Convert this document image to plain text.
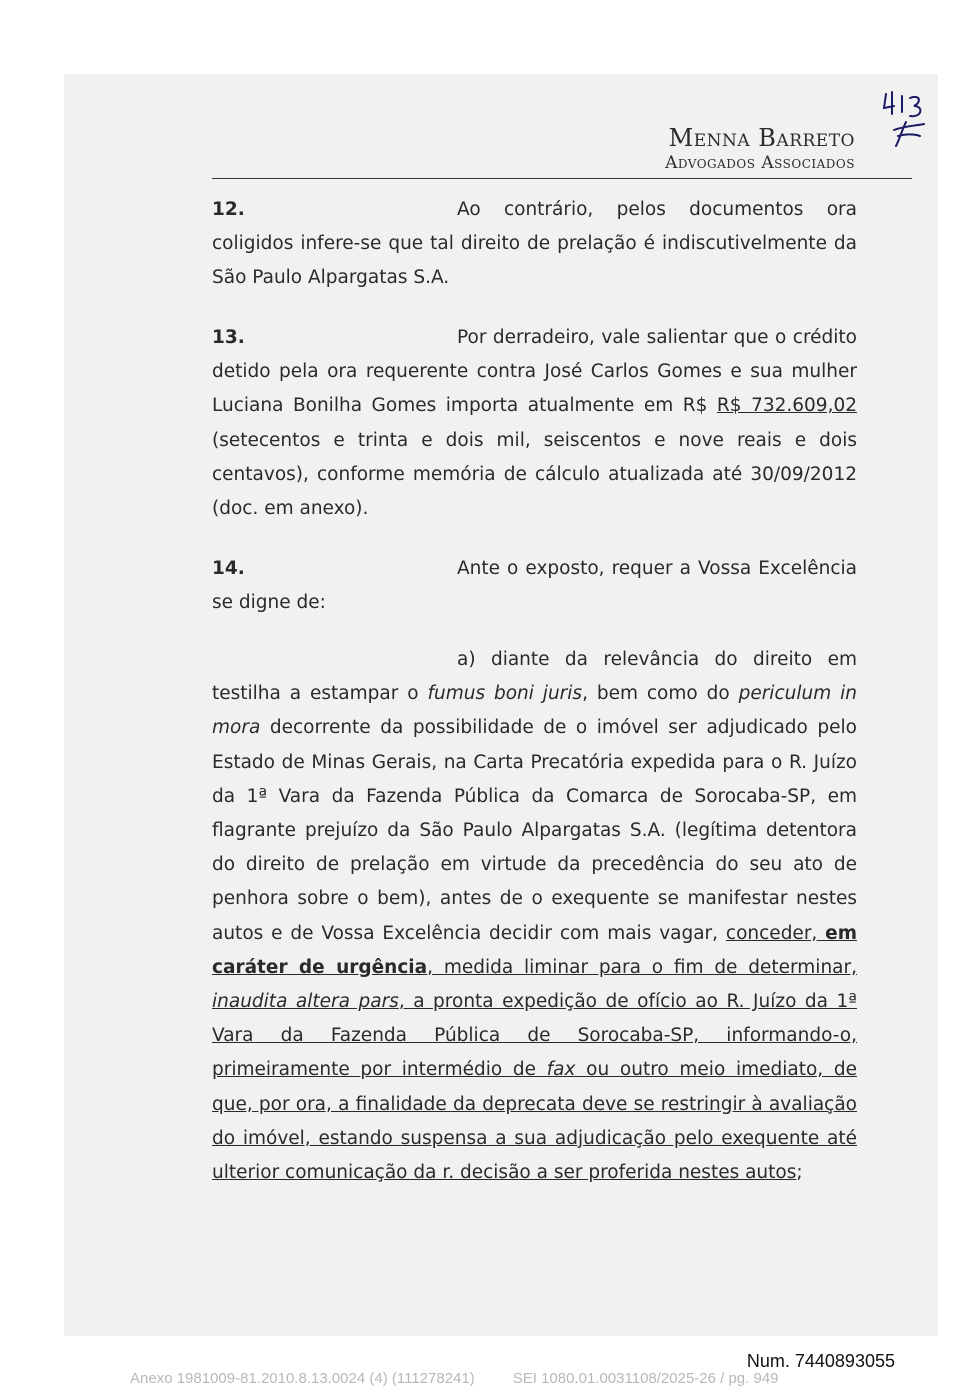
Menna Barreto
Advogados Associados

12.	Ao contrário, pelos documentos ora coligidos infere-se que tal direito de prelação é indiscutivelmente da São Paulo Alpargatas S.A.

13.	Por derradeiro, vale salientar que o crédito detido pela ora requerente contra José Carlos Gomes e sua mulher Luciana Bonilha Gomes importa atualmente em R$ R$ 732.609,02 (setecentos e trinta e dois mil, seiscentos e nove reais e dois centavos), conforme memória de cálculo atualizada até 30/09/2012 (doc. em anexo).

14.	Ante o exposto, requer a Vossa Excelência se digne de:

a) diante da relevância do direito em testilha a estampar o fumus boni juris, bem como do periculum in mora decorrente da possibilidade de o imóvel ser adjudicado pelo Estado de Minas Gerais, na Carta Precatória expedida para o R. Juízo da 1ª Vara da Fazenda Pública da Comarca de Sorocaba-SP, em flagrante prejuízo da São Paulo Alpargatas S.A. (legítima detentora do direito de prelação em virtude da precedência do seu ato de penhora sobre o bem), antes de o exequente se manifestar nestes autos e de Vossa Excelência decidir com mais vagar, conceder, em caráter de urgência, medida liminar para o fim de determinar, inaudita altera pars, a pronta expedição de ofício ao R. Juízo da 1ª Vara da Fazenda Pública de Sorocaba-SP, informando-o, primeiramente por intermédio de fax ou outro meio imediato, de que, por ora, a finalidade da deprecata deve se restringir à avaliação do imóvel, estando suspensa a sua adjudicação pelo exequente até ulterior comunicação da r. decisão a ser proferida nestes autos;

Num. 7440893055
Anexo 1981009-81.2010.8.13.0024 (4) (111278241)	SEI 1080.01.0031108/2025-26 / pg. 949
